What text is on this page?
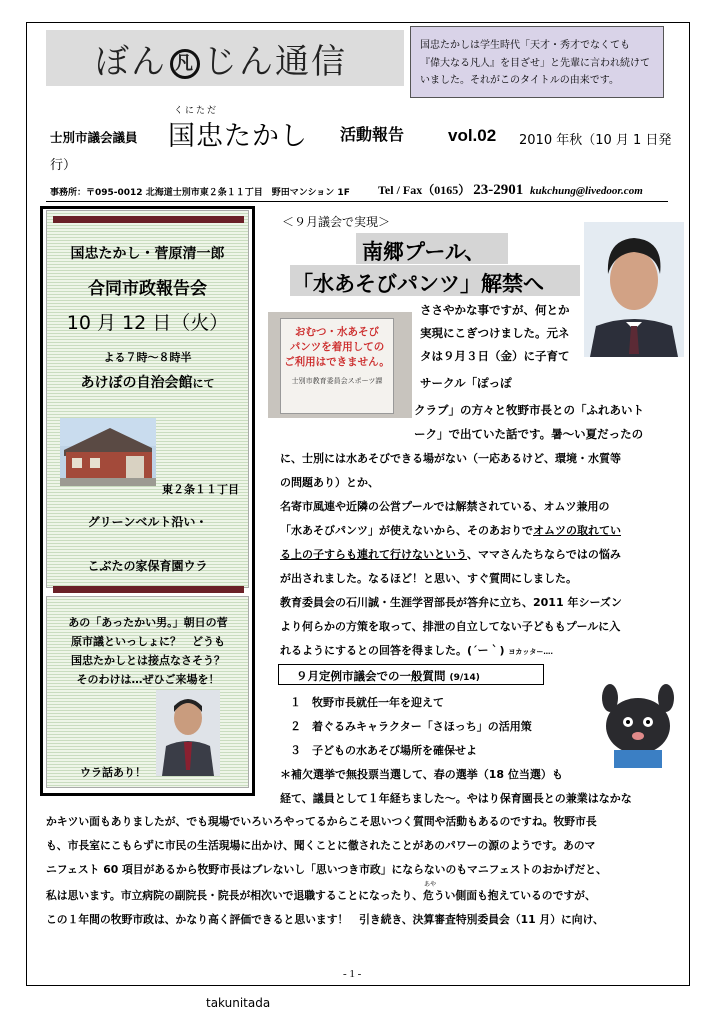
ぼん 凡 じん通信	国忠たかしは学生時代「天才・秀才でなくても
『偉大なる凡人』を目ざせ」と先輩に言われ続けて
いました。それがこのタイトルの由来です。
士別市議会議員
くにただ
国忠たかし 活動報告	vol.02 2010 年秋（10 月 1 日発
行）
事務所：〒095-0012 北海道士別市東２条１１丁目　野田マンション 1F Tel / Fax（0165） 23-2901 kukchung@livedoor.com
国忠たかし・菅原清一郎
合同市政報告会
10 月 12 日（火）
よる７時～８時半
あけぼの自治会館にて
東２条１１丁目
グリーンベルト沿い・
こぶたの家保育園ウラ
あの「あったかい男。」朝日の菅
原市議といっしょに？　どうも
国忠たかしとは接点なさそう？
そのわけは…ぜひご来場を！
ウラ話あり！
＜９月議会で実現＞
南郷プール、
「水あそびパンツ」解禁へ
おむつ・水あそび
パンツを着用しての
ご利用はできません。
士別市教育委員会スポーツ課
ささやかな事ですが、何とか
実現にこぎつけました。元ネ
タは９月３日（金）に子育て
サークル「ぽっぽ
クラブ」の方々と牧野市長との「ふれあいト
ーク」で出ていた話です。暑～い夏だったの
に、士別には水あそびできる場がない（一応あるけど、環境・水質等
の問題あり）とか、
名寄市風連や近隣の公営プールでは解禁されている、オムツ兼用の
「水あそびパンツ」が使えないから、そのあおりでオムツの取れてい
る上の子すらも連れて行けないという、ママさんたちならではの悩み
が出されました。なるほど！と思い、すぐ質問にしました。
教育委員会の石川誠・生涯学習部長が答弁に立ち、2011 年シーズン
より何らかの方策を取って、排泄の自立してない子どももプールに入
れるようにするとの回答を得ました。(´ー｀) ヨカッター….
９月定例市議会での一般質問 (9/14)
１　牧野市長就任一年を迎えて
２　着ぐるみキャラクター「さほっち」の活用策
３　子どもの水あそび場所を確保せよ
＊補欠選挙で無投票当選して、春の選挙（18 位当選）も
経て、議員として１年経ちました～。やはり保育園長との兼業はなかな
かキツい面もありましたが、でも現場でいろいろやってるからこそ思いつく質問や活動もあるのですね。牧野市長
も、市長室にこもらずに市民の生活現場に出かけ、聞くことに徹されたことがあのパワーの源のようです。あのマ
ニフェスト 60 項目があるから牧野市長はブレないし「思いつき市政」にならないのもマニフェストのおかげだと、
私は思います。市立病院の副院長・院長が相次いで退職することになったり、
あや
危うい側面も抱えているのですが、
この１年間の牧野市政は、かなり高く評価できると思います！　引き続き、決算審査特別委員会（11 月）に向け、
- 1 -
takunitada
